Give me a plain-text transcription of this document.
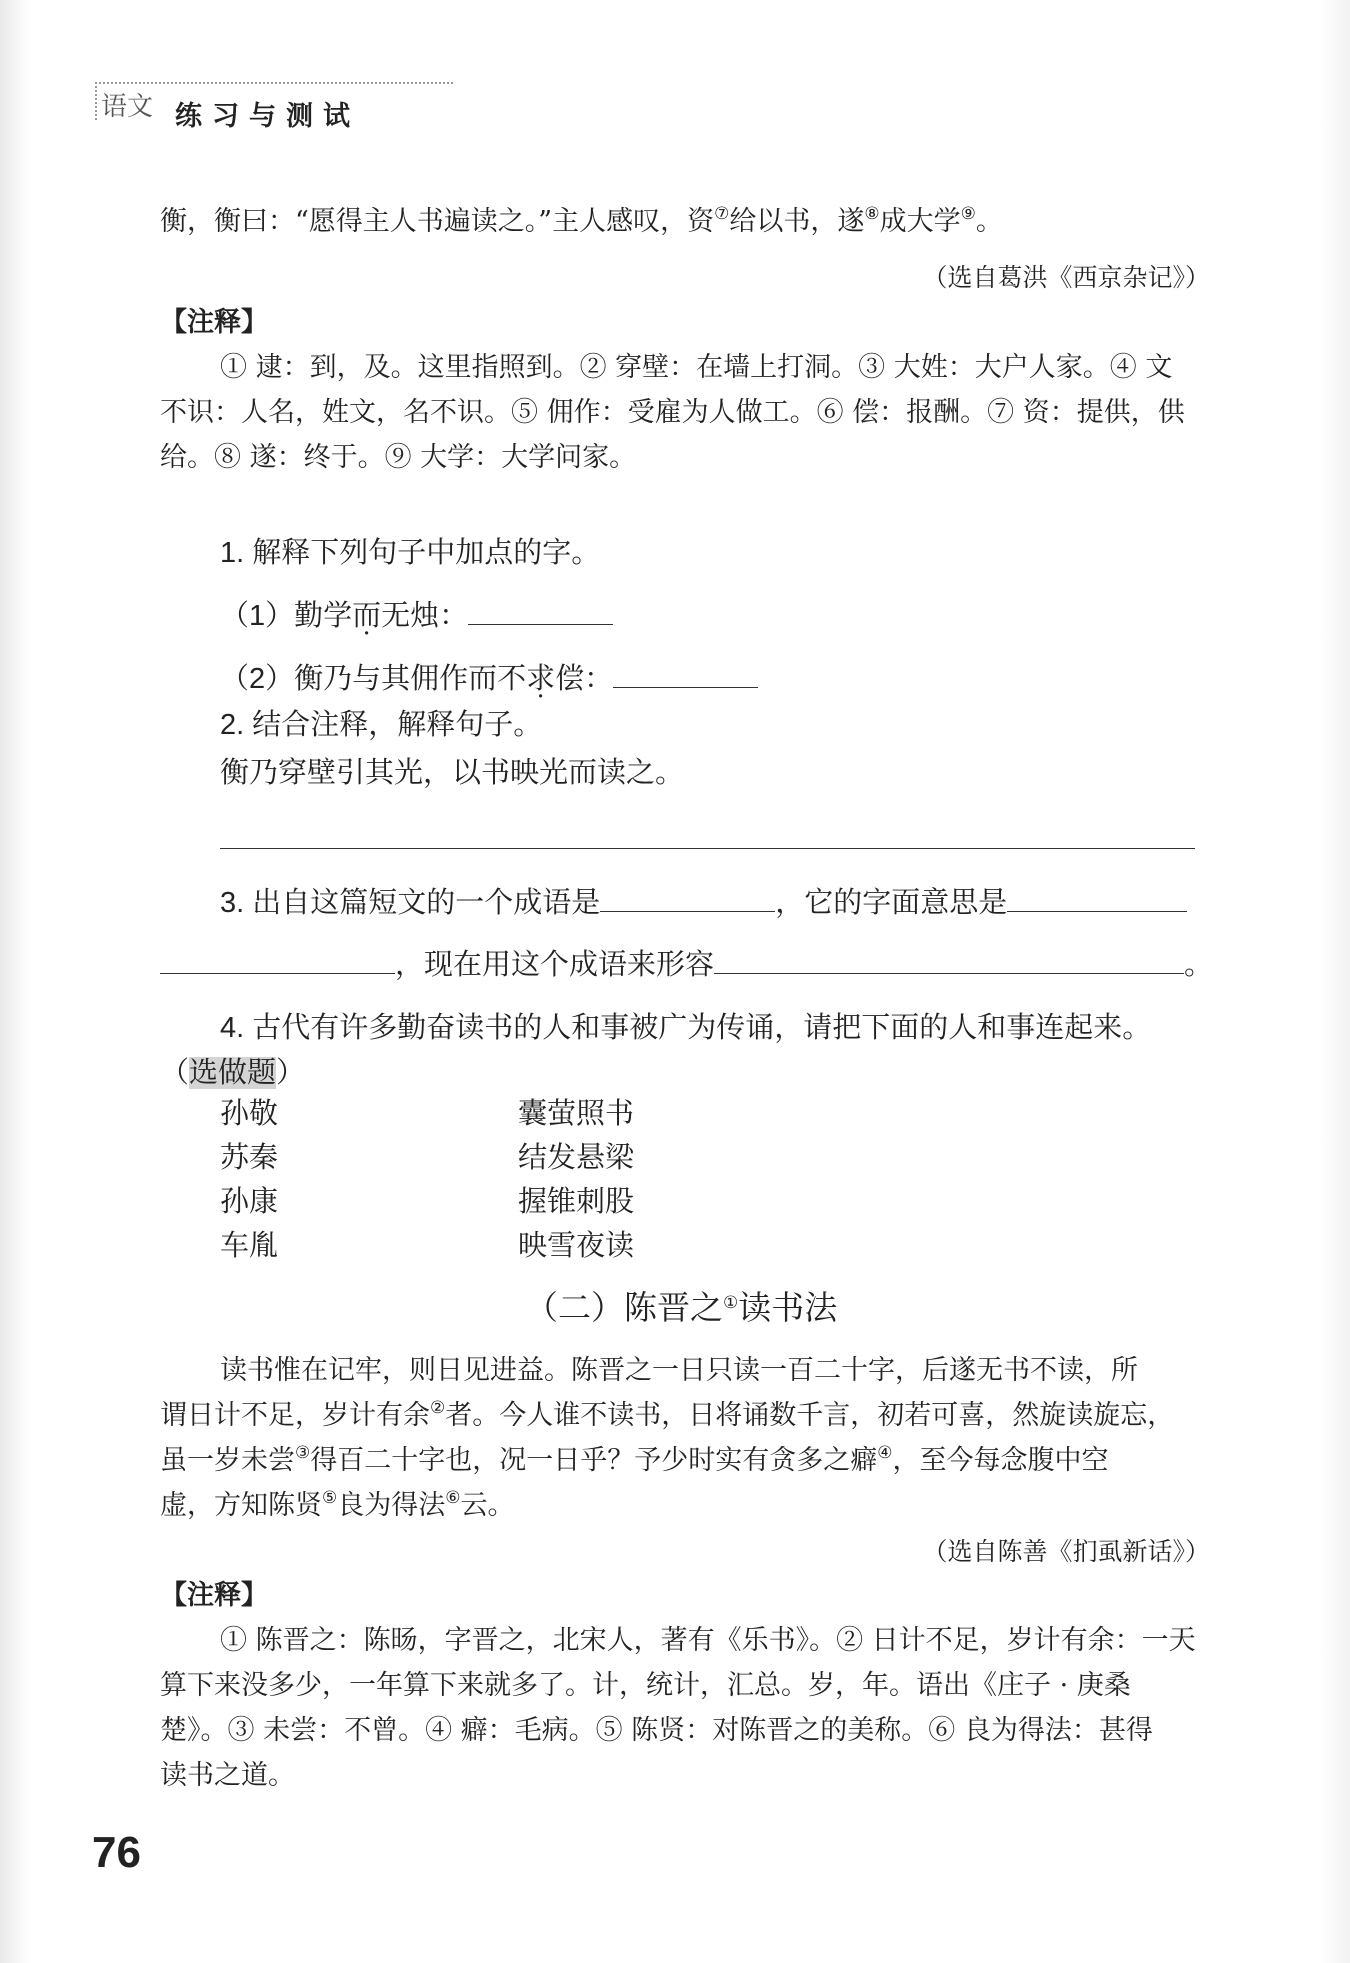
语文 练习与测试
衡，衡曰：“愿得主人书遍读之。”主人感叹，资⑦给以书，遂⑧成大学⑨。
（选自葛洪《西京杂记》）
【注释】
① 逮：到，及。这里指照到。② 穿壁：在墙上打洞。③ 大姓：大户人家。④ 文
不识：人名，姓文，名不识。⑤ 佣作：受雇为人做工。⑥ 偿：报酬。⑦ 资：提供，供
给。⑧ 遂：终于。⑨ 大学：大学问家。
1. 解释下列句子中加点的字。
（1）勤学而无烛：
（2）衡乃与其佣作而不求偿：
2. 结合注释，解释句子。
衡乃穿壁引其光，以书映光而读之。
3. 出自这篇短文的一个成语是	，它的字面意思是
，现在用这个成语来形容	。
4. 古代有许多勤奋读书的人和事被广为传诵，请把下面的人和事连起来。
（选做题）
孙敬
苏秦
孙康
车胤
囊萤照书
结发悬梁
握锥刺股
映雪夜读
（二）陈晋之①读书法
读书惟在记牢，则日见进益。陈晋之一日只读一百二十字，后遂无书不读，所
谓日计不足，岁计有余②者。今人谁不读书，日将诵数千言，初若可喜，然旋读旋忘，
虽一岁未尝③得百二十字也，况一日乎？予少时实有贪多之癖④，至今每念腹中空
虚，方知陈贤⑤良为得法⑥云。
（选自陈善《扪虱新话》）
【注释】
① 陈晋之：陈旸，字晋之，北宋人，著有《乐书》。② 日计不足，岁计有余：一天
算下来没多少，一年算下来就多了。计，统计，汇总。岁，年。语出《庄子 · 庚桑
楚》。③ 未尝：不曾。④ 癖：毛病。⑤ 陈贤：对陈晋之的美称。⑥ 良为得法：甚得
读书之道。
76
